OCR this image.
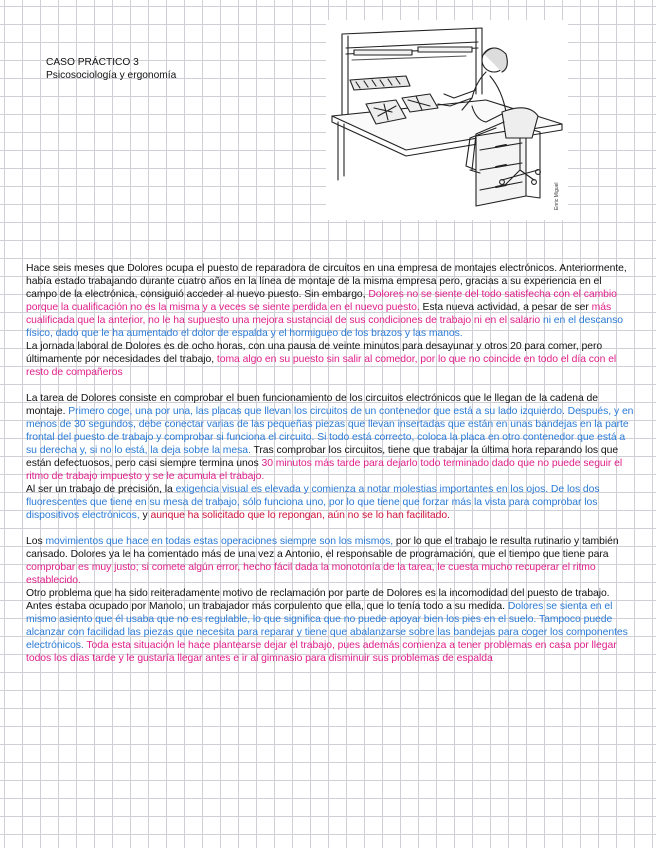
CASO PRÁCTICO 3
Psicosociología y ergonomía
Enric Miguel

Hace seis meses que Dolores ocupa el puesto de reparadora de circuitos en una empresa de montajes electrónicos. Anteriormente, había estado trabajando durante cuatro años en la línea de montaje de la misma empresa pero, gracias a su experiencia en el campo de la electrónica, consiguió acceder al nuevo puesto. Sin embargo, Dolores no se siente del todo satisfecha con el cambio porque la cualificación no es la misma y a veces se siente perdida en el nuevo puesto. Esta nueva actividad, a pesar de ser más cualificada que la anterior, no le ha supuesto una mejora sustancial de sus condiciones de trabajo ni en el salario ni en el descanso físico, dado que le ha aumentado el dolor de espalda y el hormigueo de los brazos y las manos.

La jornada laboral de Dolores es de ocho horas, con una pausa de veinte minutos para desayunar y otros 20 para comer, pero últimamente por necesidades del trabajo, toma algo en su puesto sin salir al comedor, por lo que no coincide en todo el día con el resto de compañeros

La tarea de Dolores consiste en comprobar el buen funcionamiento de los circuitos electrónicos que le llegan de la cadena de montaje. Primero coge, una por una, las placas que llevan los circuitos de un contenedor que está a su lado izquierdo. Después, y en menos de 30 segundos, debe conectar varias de las pequeñas piezas que llevan insertadas que están en unas bandejas en la parte frontal del puesto de trabajo y comprobar si funciona el circuito. Si todo está correcto, coloca la placa en otro contenedor que está a su derecha y, si no lo está, la deja sobre la mesa. Tras comprobar los circuitos, tiene que trabajar la última hora reparando los que están defectuosos, pero casi siempre termina unos 30 minutos más tarde para dejarlo todo terminado dado que no puede seguir el ritmo de trabajo impuesto y se le acumula el trabajo.

Al ser un trabajo de precisión, la exigencia visual es elevada y comienza a notar molestias importantes en los ojos. De los dos fluorescentes que tiene en su mesa de trabajo, sólo funciona uno, por lo que tiene que forzar más la vista para comprobar los dispositivos electrónicos, y aunque ha solicitado que lo repongan, aún no se lo han facilitado.

Los movimientos que hace en todas estas operaciones siempre son los mismos, por lo que el trabajo le resulta rutinario y también cansado. Dolores ya le ha comentado más de una vez a Antonio, el responsable de programación, que el tiempo que tiene para comprobar es muy justo; si comete algún error, hecho fácil dada la monotonía de la tarea, le cuesta mucho recuperar el ritmo establecido.

Otro problema que ha sido reiteradamente motivo de reclamación por parte de Dolores es la incomodidad del puesto de trabajo. Antes estaba ocupado por Manolo, un trabajador más corpulento que ella, que lo tenía todo a su medida. Dolores se sienta en el mismo asiento que él usaba que no es regulable, lo que significa que no puede apoyar bien los pies en el suelo. Tampoco puede alcanzar con facilidad las piezas que necesita para reparar y tiene que abalanzarse sobre las bandejas para coger los componentes electrónicos. Toda esta situación le hace plantearse dejar el trabajo, pues además comienza a tener problemas en casa por llegar todos los días tarde y le gustaría llegar antes e ir al gimnasio para disminuir sus problemas de espalda
